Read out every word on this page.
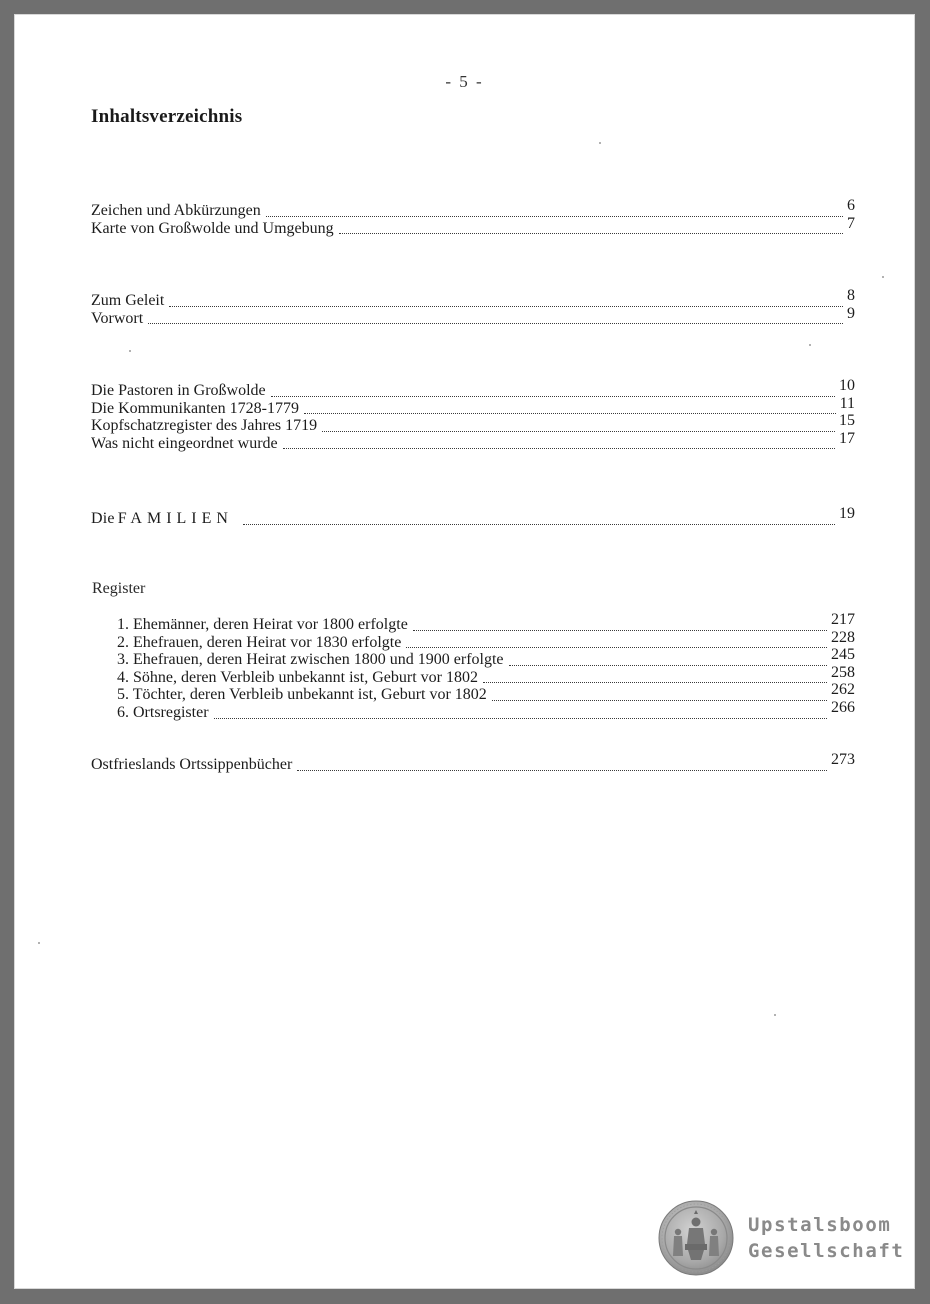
- 5 -
Inhaltsverzeichnis
Zeichen und Abkürzungen	6
Karte von Großwolde und Umgebung	7
Zum Geleit	8
Vorwort	9
Die Pastoren in Großwolde	10
Die Kommunikanten 1728-1779	11
Kopfschatzregister des Jahres 1719	15
Was nicht eingeordnet wurde	17
Die FAMILIEN	19
Register
1. Ehemänner, deren Heirat vor 1800 erfolgte	217
2. Ehefrauen, deren Heirat vor 1830 erfolgte	228
3. Ehefrauen, deren Heirat zwischen 1800 und 1900 erfolgte	245
4. Söhne, deren Verbleib unbekannt ist, Geburt vor 1802	258
5. Töchter, deren Verbleib unbekannt ist, Geburt vor 1802	262
6. Ortsregister	266
Ostfrieslands Ortssippenbücher	273
Upstalsboom
Gesellschaft
